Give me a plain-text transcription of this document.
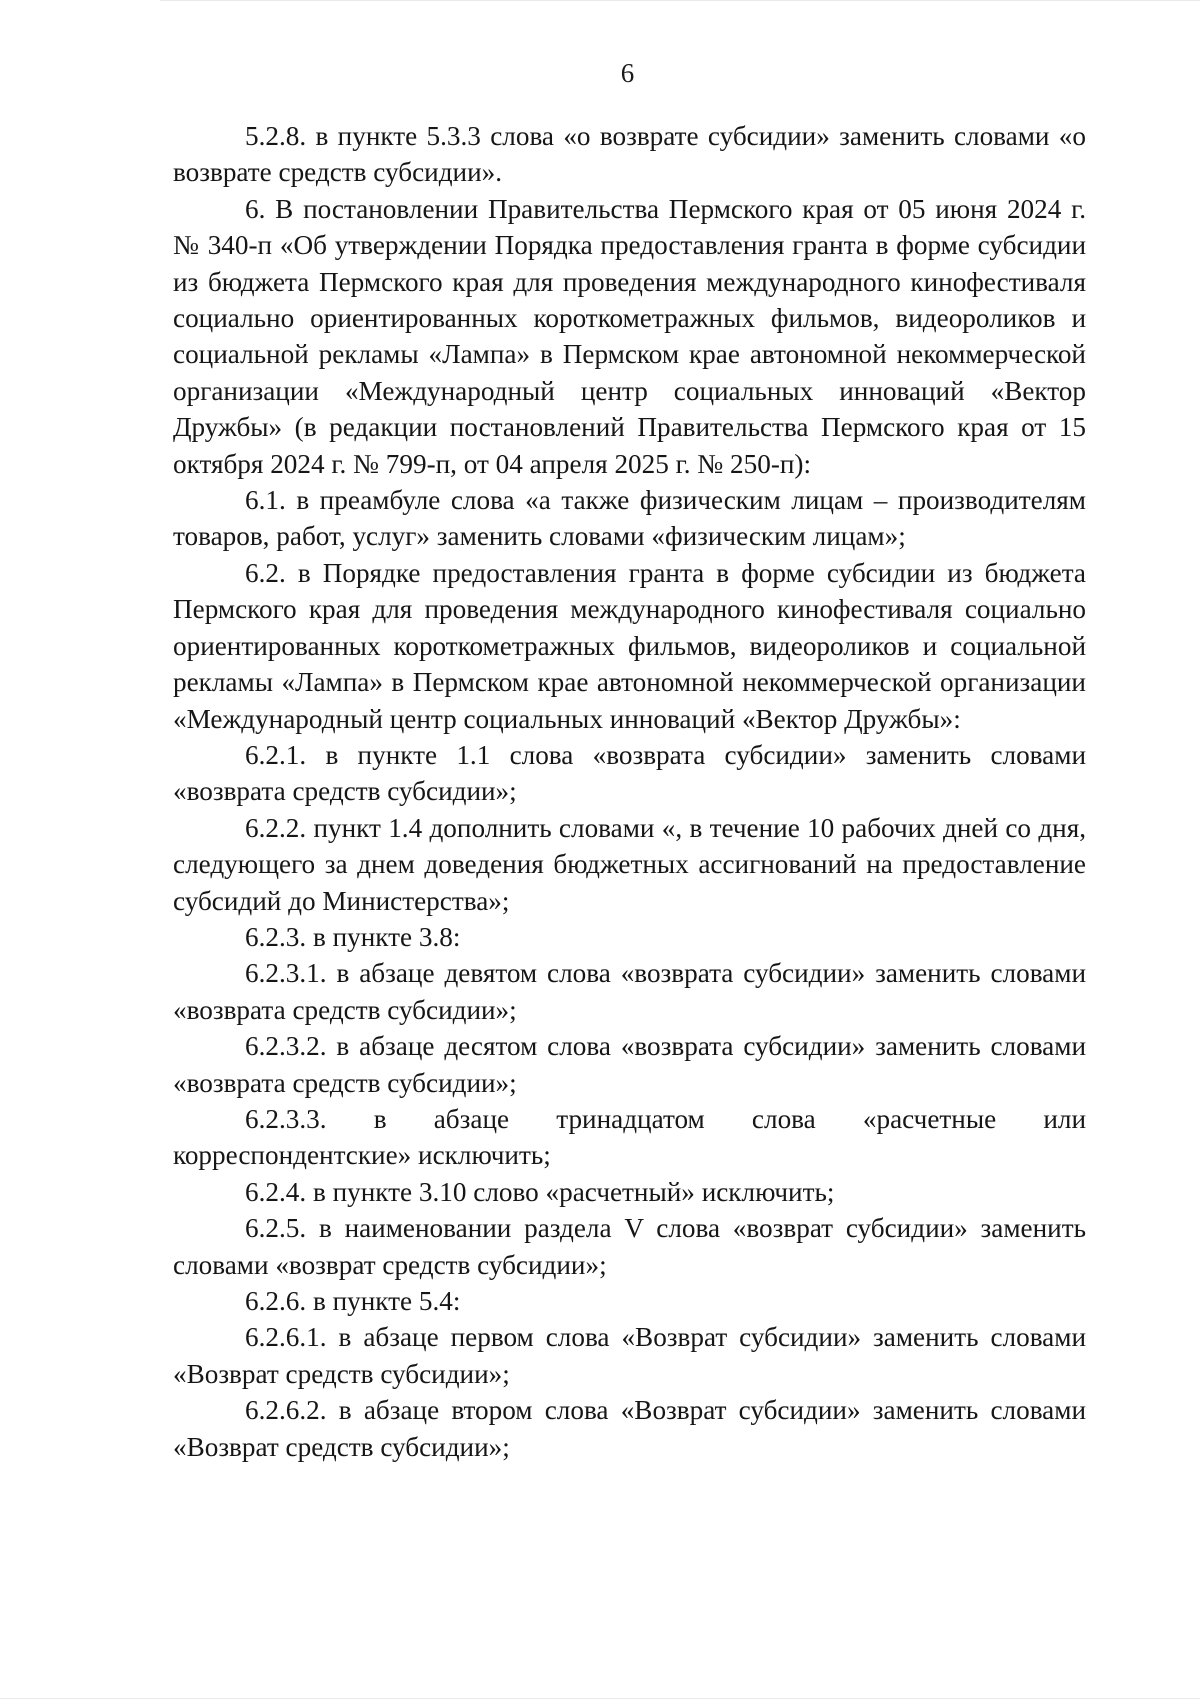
6

5.2.8. в пункте 5.3.3 слова «о возврате субсидии» заменить словами «о возврате средств субсидии».

6. В постановлении Правительства Пермского края от 05 июня 2024 г. № 340-п «Об утверждении Порядка предоставления гранта в форме субсидии из бюджета Пермского края для проведения международного кинофестиваля социально ориентированных короткометражных фильмов, видеороликов и социальной рекламы «Лампа» в Пермском крае автономной некоммерческой организации «Международный центр социальных инноваций «Вектор Дружбы» (в редакции постановлений Правительства Пермского края от 15 октября 2024 г. № 799-п, от 04 апреля 2025 г. № 250-п):

6.1. в преамбуле слова «а также физическим лицам – производителям товаров, работ, услуг» заменить словами «физическим лицам»;

6.2. в Порядке предоставления гранта в форме субсидии из бюджета Пермского края для проведения международного кинофестиваля социально ориентированных короткометражных фильмов, видеороликов и социальной рекламы «Лампа» в Пермском крае автономной некоммерческой организации «Международный центр социальных инноваций «Вектор Дружбы»:

6.2.1. в пункте 1.1 слова «возврата субсидии» заменить словами «возврата средств субсидии»;

6.2.2. пункт 1.4 дополнить словами «, в течение 10 рабочих дней со дня, следующего за днем доведения бюджетных ассигнований на предоставление субсидий до Министерства»;

6.2.3. в пункте 3.8:

6.2.3.1. в абзаце девятом слова «возврата субсидии» заменить словами «возврата средств субсидии»;

6.2.3.2. в абзаце десятом слова «возврата субсидии» заменить словами «возврата средств субсидии»;

6.2.3.3. в абзаце тринадцатом слова «расчетные или корреспондентские» исключить;

6.2.4. в пункте 3.10 слово «расчетный» исключить;

6.2.5. в наименовании раздела V слова «возврат субсидии» заменить словами «возврат средств субсидии»;

6.2.6. в пункте 5.4:

6.2.6.1. в абзаце первом слова «Возврат субсидии» заменить словами «Возврат средств субсидии»;

6.2.6.2. в абзаце втором слова «Возврат субсидии» заменить словами «Возврат средств субсидии»;
